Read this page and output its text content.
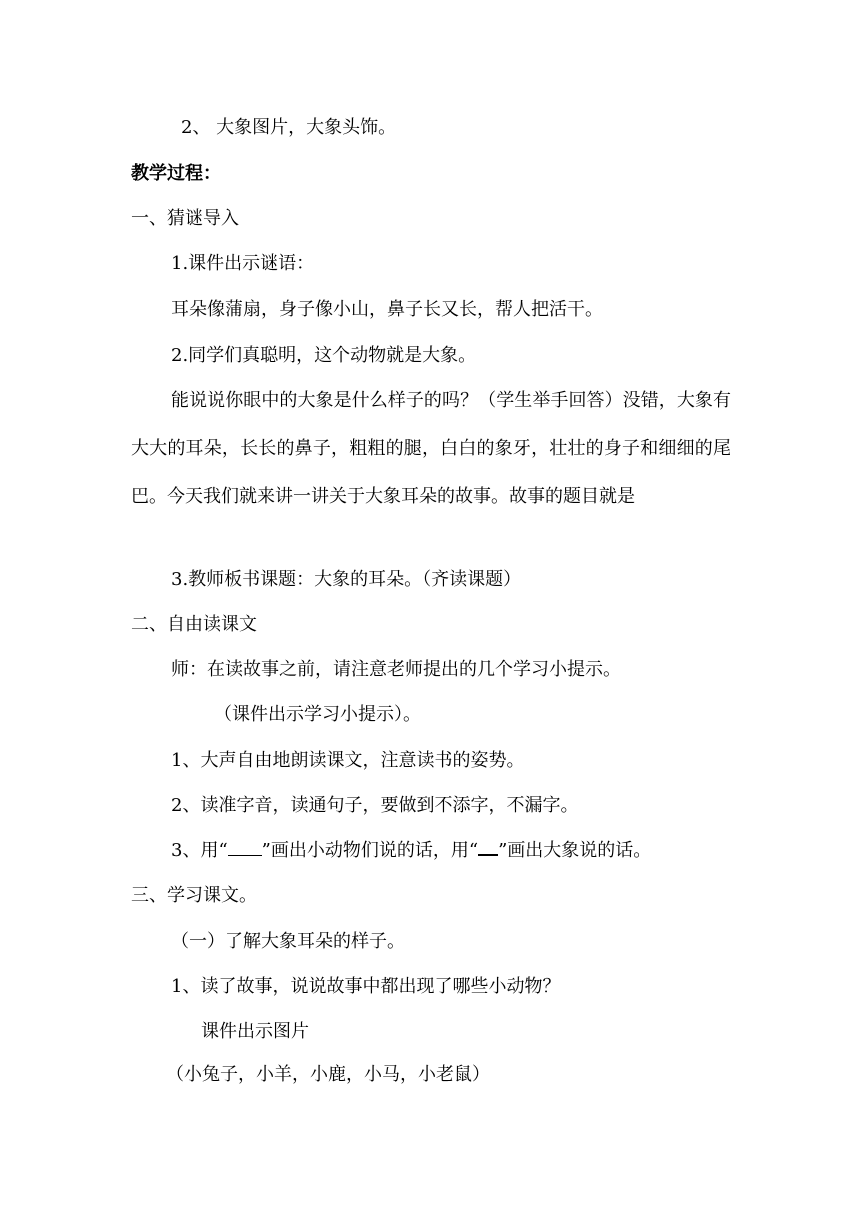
2、 大象图片，大象头饰。
教学过程：
一、猜谜导入
1.课件出示谜语：
耳朵像蒲扇，身子像小山，鼻子长又长，帮人把活干。
2.同学们真聪明，这个动物就是大象。
能说说你眼中的大象是什么样子的吗？（学生举手回答）没错，大象有大大的耳朵，长长的鼻子，粗粗的腿，白白的象牙，壮壮的身子和细细的尾巴。今天我们就来讲一讲关于大象耳朵的故事。故事的题目就是
3.教师板书课题：大象的耳朵。（齐读课题）
二、自由读课文
师：在读故事之前，请注意老师提出的几个学习小提示。
（课件出示学习小提示）。
1、大声自由地朗读课文，注意读书的姿势。
2、读准字音，读通句子，要做到不添字，不漏字。
3、用“ ”画出小动物们说的话，用“ ”画出大象说的话。
三、学习课文。
（一）了解大象耳朵的样子。
1、读了故事，说说故事中都出现了哪些小动物？
课件出示图片
（小兔子，小羊，小鹿，小马，小老鼠）
